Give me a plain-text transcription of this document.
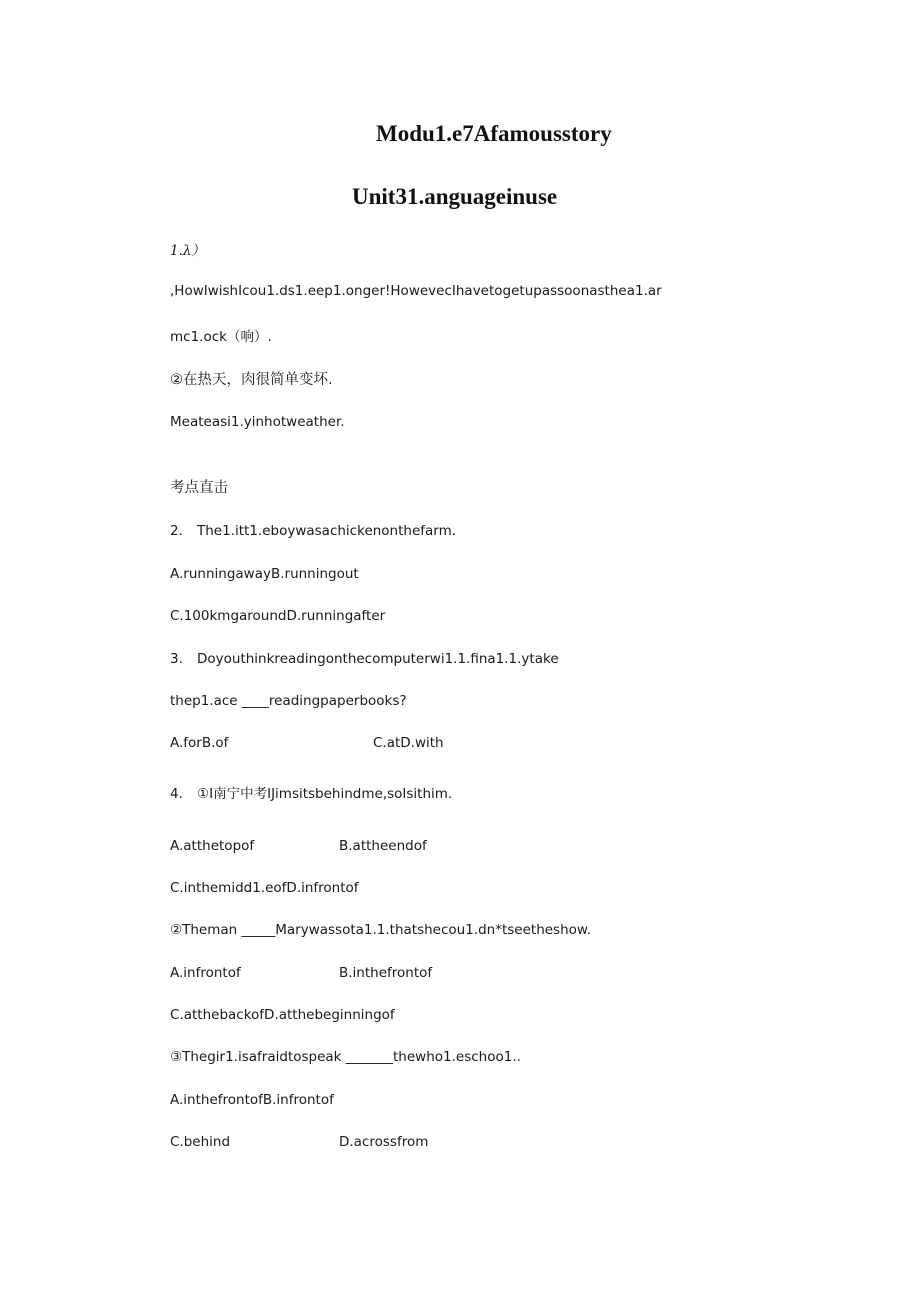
Modu1.e7Afamousstory
Unit31.anguageinuse
1.λ）
,HowIwishIcou1.ds1.eep1.onger!HowevecIhavetogetupassoonasthea1.ar
mc1.ock（响）.
②在热天，肉很简单变坏.
Meateasi1.yinhotweather.
考点直击
2. The1.itt1.eboywasachickenonthefarm.
A.runningawayB.runningout
C.100kmgaroundD.runningafter
3. Doyouthinkreadingonthecomputerwi1.1.fina1.1.ytake
thep1.ace ____readingpaperbooks?
A.forB.of	C.atD.with
4. ①I南宁中考IJimsitsbehindme,soIsithim.
A.atthetopof	B.attheendof
C.inthemidd1.eofD.infrontof
②Theman _____Marywassota1.1.thatshecou1.dn*tseetheshow.
A.infrontof	B.inthefrontof
C.atthebackofD.atthebeginningof
③Thegir1.isafraidtospeak _______thewho1.eschoo1..
A.inthefrontofB.infrontof
C.behind	D.acrossfrom
